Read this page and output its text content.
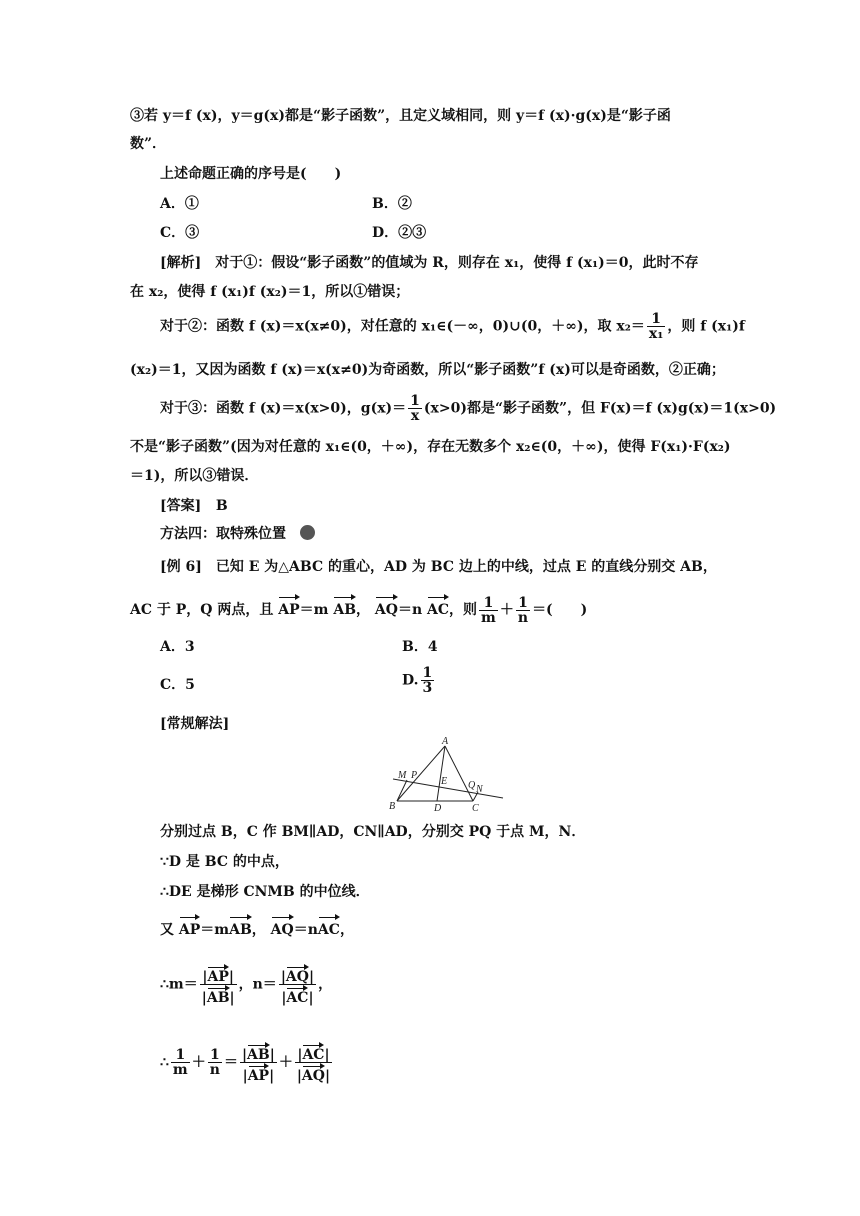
③若 y＝f (x)，y＝g(x)都是“影子函数”，且定义域相同，则 y＝f (x)·g(x)是“影子函
数”．
上述命题正确的序号是(　　)
A．①	B．②
C．③	D．②③
[解析]　对于①：假设“影子函数”的值域为 R，则存在 x₁，使得 f (x₁)＝0，此时不存
在 x₂，使得 f (x₁)f (x₂)＝1，所以①错误；
对于②：函数 f (x)＝x(x≠0)，对任意的 x₁∈(－∞，0)∪(0，＋∞)，取 $x_2= \frac{1}{\text{x₁}}$ ，则 f (x₁)f
(x₂)＝1，又因为函数 f (x)＝x(x≠0)为奇函数，所以“影子函数”f (x)可以是奇函数，②正确；
对于③：函数 f (x)＝x(x>0)，$g(x)= \frac{1}{x} (x>0)$都是“影子函数”，但 F(x)＝f (x)g(x)＝1(x>0)
不是“影子函数”(因为对任意的 x₁∈(0，＋∞)，存在无数多个 x₂∈(0，＋∞)，使得 F(x₁)·F(x₂)
＝1)，所以③错误．
[答案] B
方法四：取特殊位置
[例 6]　已知 E 为△ABC 的重心，AD 为 BC 边上的中线，过点 E 的直线分别交 AB，
AC 于 P，Q 两点，且 AP＝m AB， AQ＝n AC，则 $\frac{1}{m} + \frac{1}{n}$ ＝(　　)
A．3	B．4
C．5	D. $\frac{1}{3}$
[常规解法]
A
M P
E Q N
B	D	C
分别过点 B，C 作 BM∥AD，CN∥AD，分别交 PQ 于点 M，N．
∵D 是 BC 的中点，
∴DE 是梯形 CNMB 的中位线．
又 AP＝mAB， AQ＝nAC，
∴m＝ $\frac{|AP|}{|AB|}$ ，$n= \frac{|AQ|}{|AC|}$ ，
∴ $\frac{1}{m} + \frac{1}{n} = \frac{|AB|}{|AP|} + \frac{|AC|}{|AQ|}$
